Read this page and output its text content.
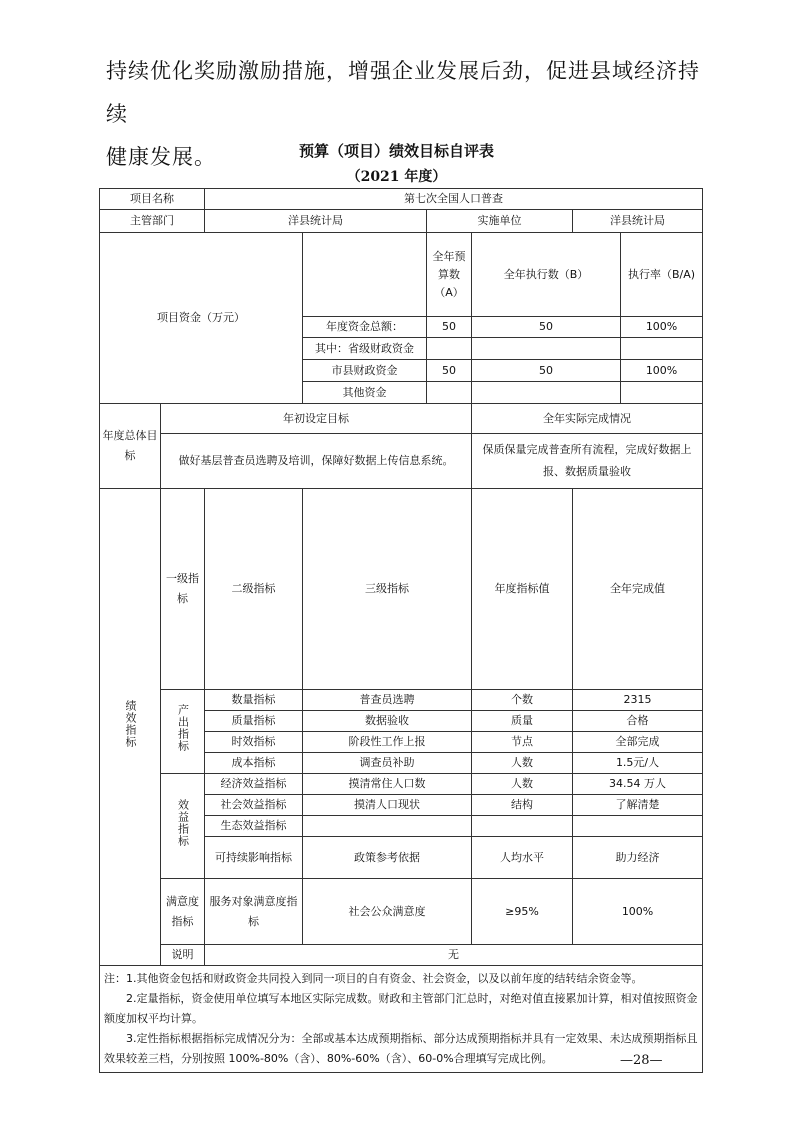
持续优化奖励激励措施，增强企业发展后劲，促进县域经济持续

健康发展。	预算（项目）绩效目标自评表
（2021 年度）
项目名称		第七次全国人口普查						
主管部门		洋县统计局		实施单位		洋县统计局		
项目资金（万元）				全年预算数（A）	全年执行数（B）		执行率（B/A)	
			年度资金总额：	50	50		100%	
			其中：省级财政资金					
			市县财政资金	50	50		100%	
			其他资金					
年度总体目标	年初设定目标				全年实际完成情况			
	做好基层普查员选聘及培训，保障好数据上传信息系统。				保质保量完成普查所有流程，完成好数据上报、数据质量验收			
绩效指标	一级指标	二级指标	三级指标		年度指标值	全年完成值	
	产出指标	数量指标	普查员选聘		个数	2315		
		质量指标	数据验收		质量	合格		
		时效指标	阶段性工作上报		节点	全部完成		
		成本指标	调查员补助		人数	1.5元/人		
	效益指标	经济效益指标	摸清常住人口数		人数	34.54 万人		
		社会效益指标	摸清人口现状		结构	了解清楚		
		生态效益指标						
		可持续影响指标	政策参考依据		人均水平	助力经济		
	满意度指标	服务对象满意度指标	社会公众满意度		≥95%	100%		
	说明	无						

注：1.其他资金包括和财政资金共同投入到同一项目的自有资金、社会资金，以及以前年度的结转结余资金等。

2.定量指标，资金使用单位填写本地区实际完成数。财政和主管部门汇总时，对绝对值直接累加计算，相对值按照资金额度加权平均计算。

3.定性指标根据指标完成情况分为：全部或基本达成预期指标、部分达成预期指标并具有一定效果、未达成预期指标且效果较差三档，分别按照 100%-80%（含）、80%-60%（含）、60-0%合理填写完成比例。									—28—
